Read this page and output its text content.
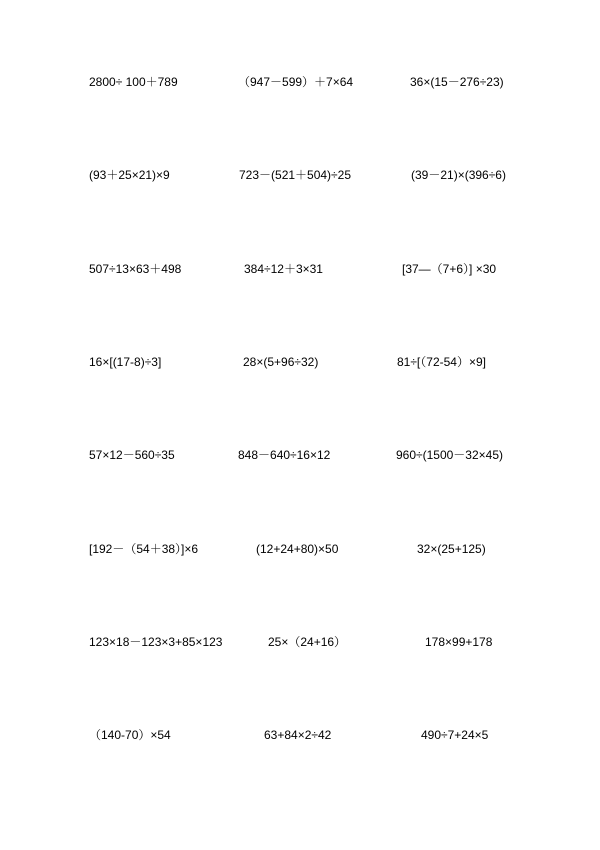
2800÷ 100＋789	（947－599）＋7×64	36×(15－276÷23)
(93＋25×21)×9	723－(521＋504)÷25	(39－21)×(396÷6)
507÷13×63＋498	384÷12＋3×31	[37—（7+6）] ×30
16×[(17-8)÷3]	28×(5+96÷32)	81÷[（72-54）×9]
57×12－560÷35	848－640÷16×12	960÷(1500－32×45)
[192－（54＋38）]×6	(12+24+80)×50	32×(25+125)
123×18－123×3+85×123	25×（24+16）	178×99+178
（140-70）×54	63+84×2÷42	490÷7+24×5
